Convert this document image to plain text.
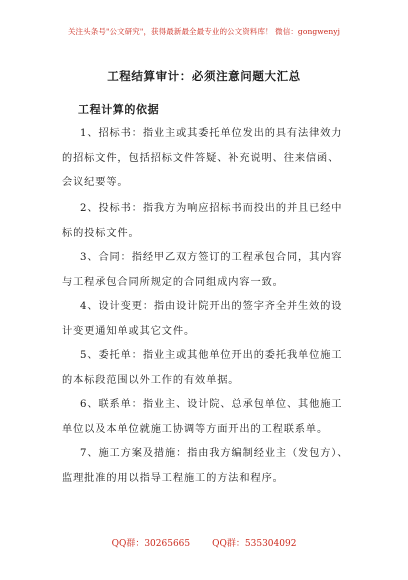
关注头条号"公文研究"，获得最新最全最专业的公文资料库！ 微信：gongwenyj
工程结算审计：必须注意问题大汇总
工程计算的依据

1、招标书：指业主或其委托单位发出的具有法律效力的招标文件，包括招标文件答疑、补充说明、往来信函、会议纪要等。

2、投标书：指我方为响应招标书而投出的并且已经中标的投标文件。

3、合同：指经甲乙双方签订的工程承包合同，其内容与工程承包合同所规定的合同组成内容一致。

4、设计变更：指由设计院开出的签字齐全并生效的设计变更通知单或其它文件。

5、委托单：指业主或其他单位开出的委托我单位施工的本标段范围以外工作的有效单据。

6、联系单：指业主、设计院、总承包单位、其他施工单位以及本单位就施工协调等方面开出的工程联系单。

7、施工方案及措施：指由我方编制经业主（发包方）、监理批准的用以指导工程施工的方法和程序。

QQ群：30265665 QQ群：535304092
